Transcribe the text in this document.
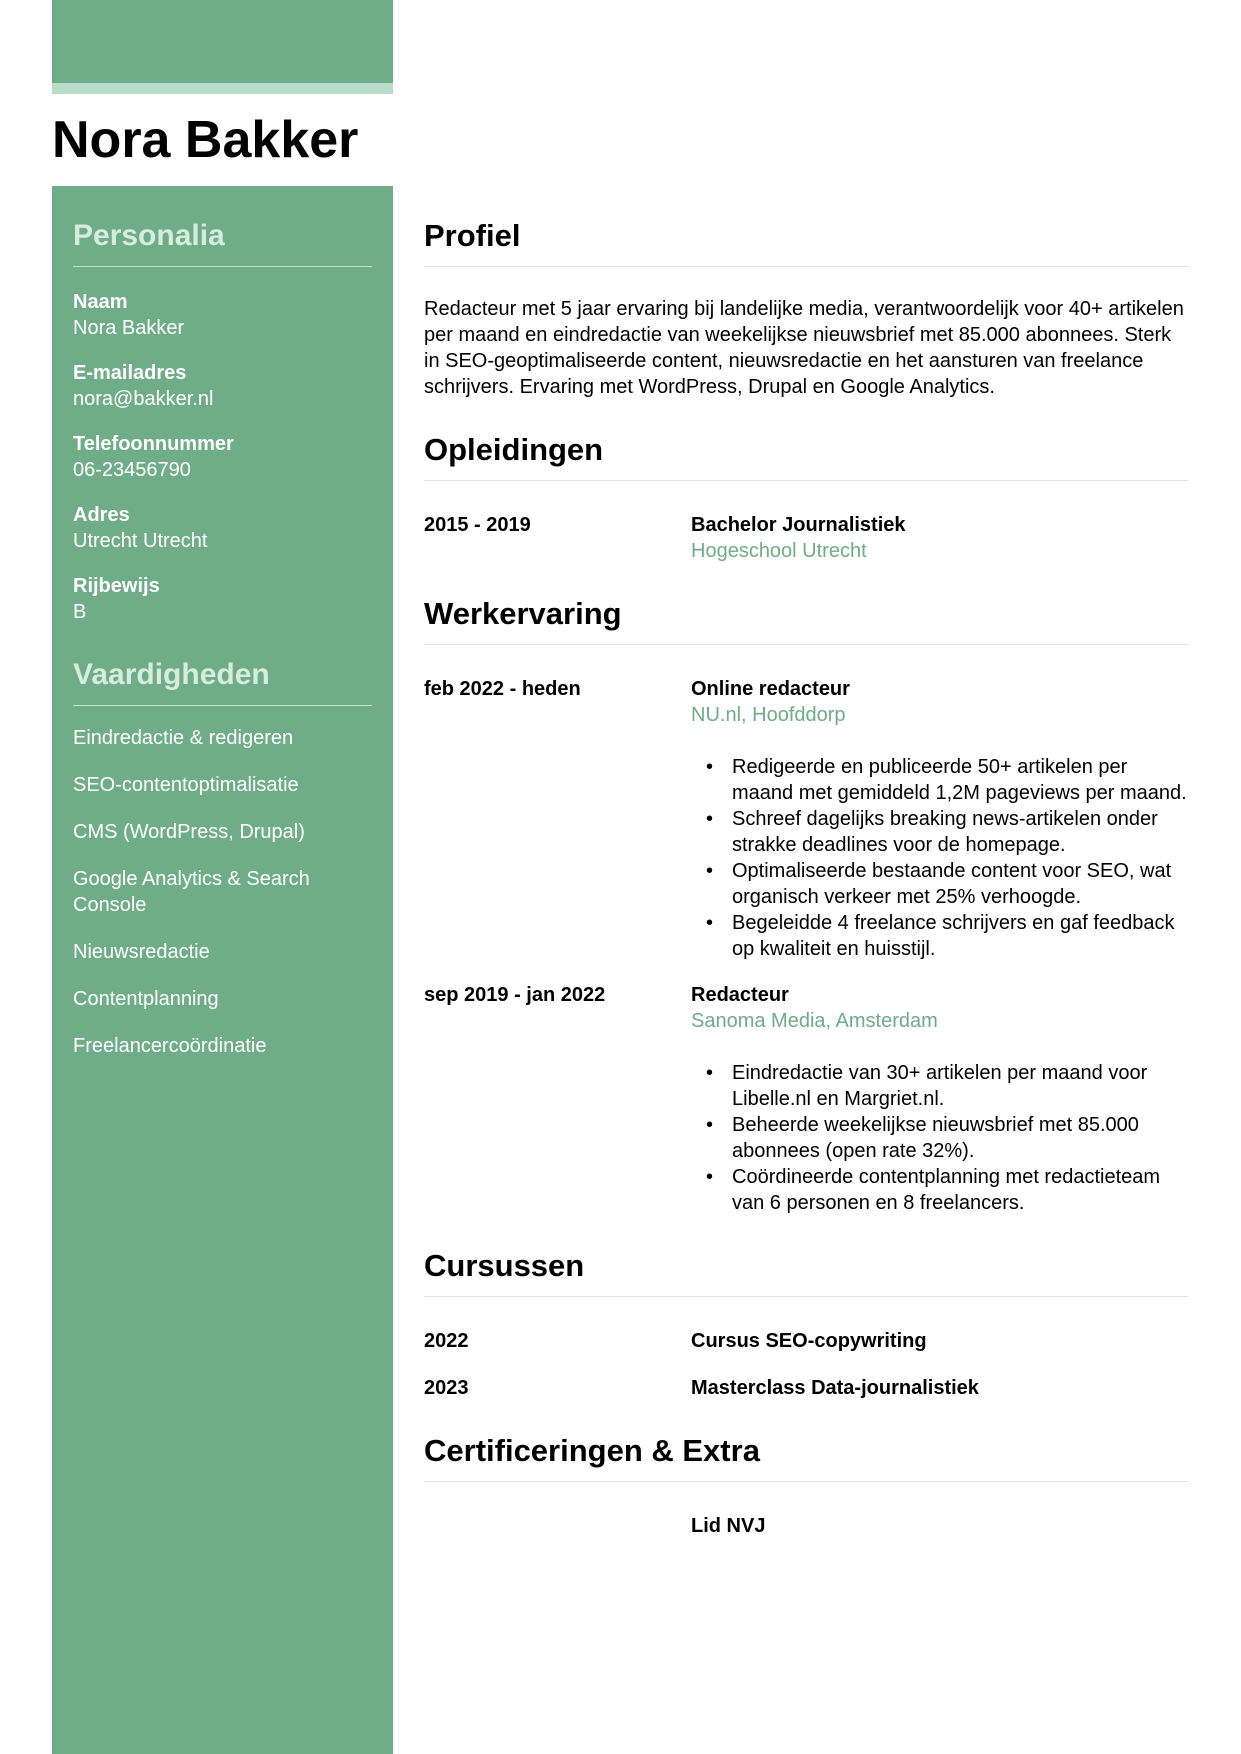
Nora Bakker
Personalia
Naam
Nora Bakker
E-mailadres
nora@bakker.nl
Telefoonnummer
06-23456790
Adres
Utrecht Utrecht
Rijbewijs
B
Vaardigheden
Eindredactie & redigeren
SEO-contentoptimalisatie
CMS (WordPress, Drupal)
Google Analytics & Search Console
Nieuwsredactie
Contentplanning
Freelancercoördinatie
Profiel

Redacteur met 5 jaar ervaring bij landelijke media, verantwoordelijk voor 40+ artikelen per maand en eindredactie van weekelijkse nieuwsbrief met 85.000 abonnees. Sterk in SEO-geoptimaliseerde content, nieuwsredactie en het aansturen van freelance schrijvers. Ervaring met WordPress, Drupal en Google Analytics.

Opleidingen
2015 - 2019	Bachelor Journalistiek
Hogeschool Utrecht
Werkervaring
feb 2022 - heden	Online redacteur
NU.nl, Hoofddorp
• Redigeerde en publiceerde 50+ artikelen per maand met gemiddeld 1,2M pageviews per maand.
• Schreef dagelijks breaking news-artikelen onder strakke deadlines voor de homepage.
• Optimaliseerde bestaande content voor SEO, wat organisch verkeer met 25% verhoogde.
• Begeleidde 4 freelance schrijvers en gaf feedback op kwaliteit en huisstijl.
sep 2019 - jan 2022	Redacteur
Sanoma Media, Amsterdam
• Eindredactie van 30+ artikelen per maand voor Libelle.nl en Margriet.nl.
• Beheerde weekelijkse nieuwsbrief met 85.000 abonnees (open rate 32%).
• Coördineerde contentplanning met redactieteam van 6 personen en 8 freelancers.
Cursussen
2022	Cursus SEO-copywriting
2023	Masterclass Data-journalistiek
Certificeringen & Extra
Lid NVJ
